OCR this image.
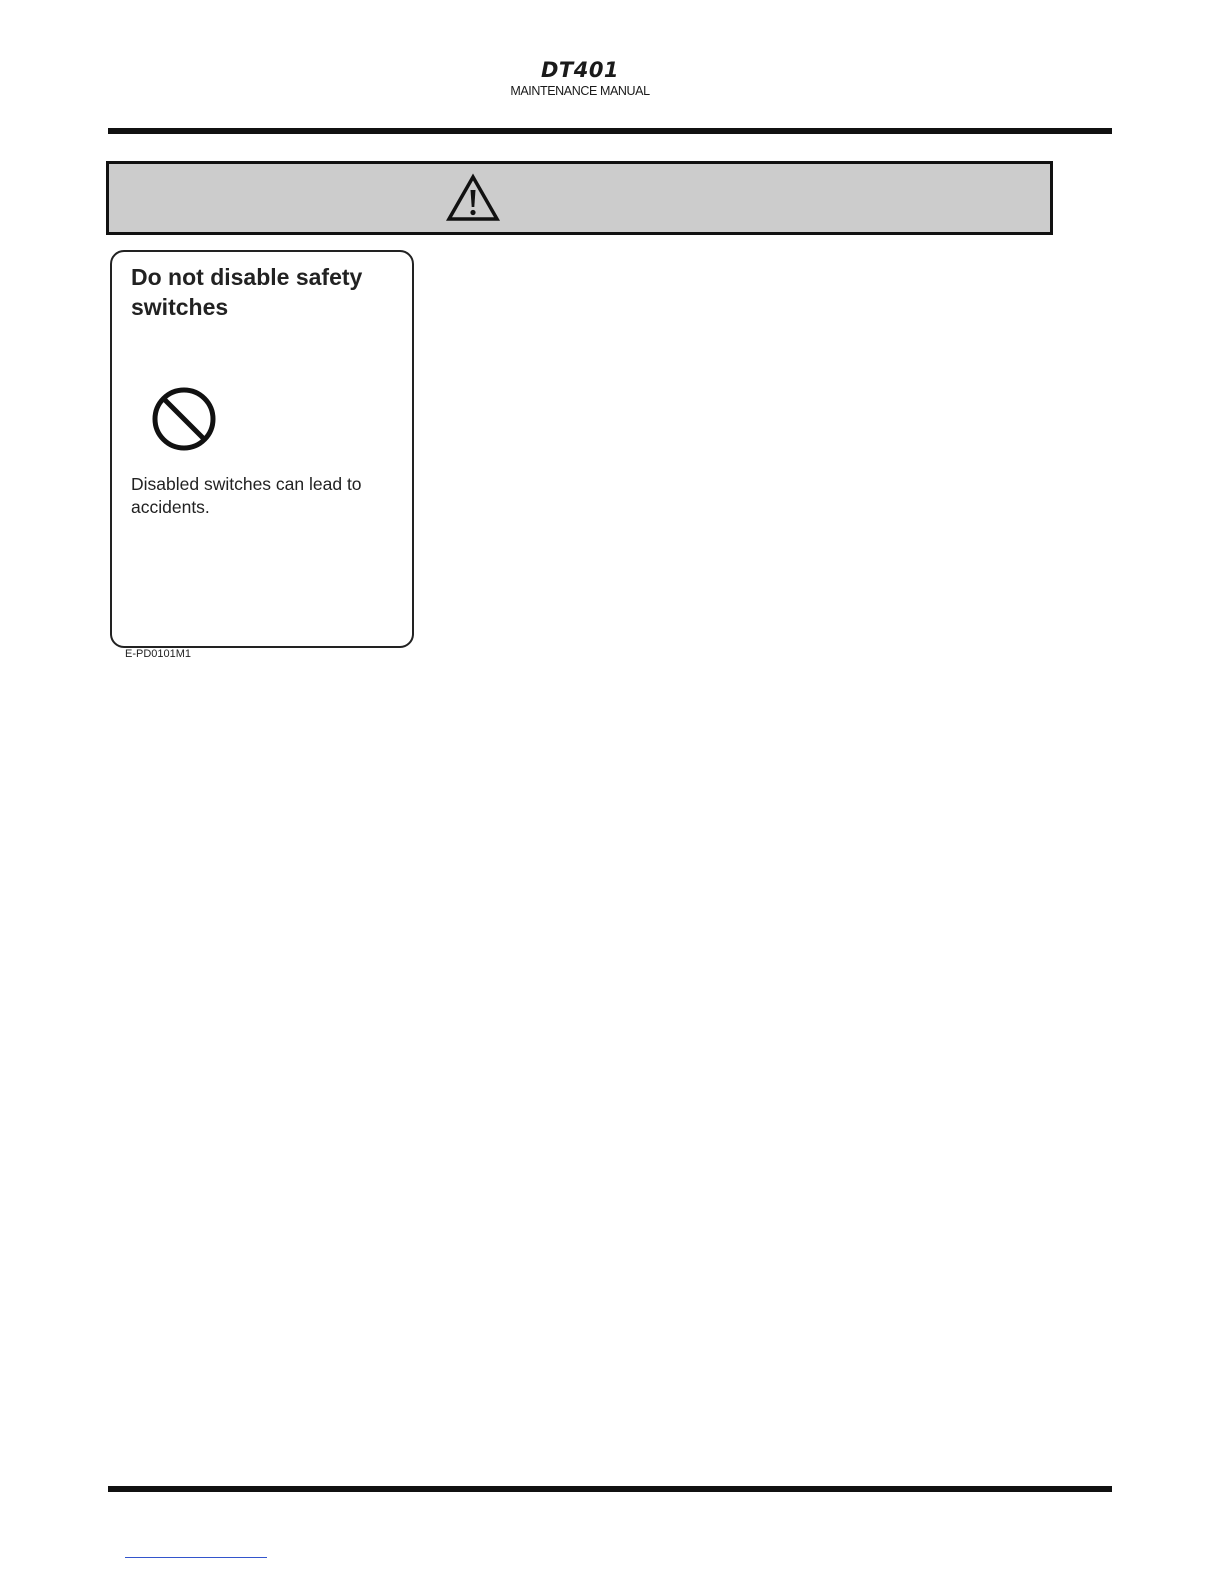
DT401
MAINTENANCE MANUAL
Do not disable safety switches
Disabled switches can lead to accidents.
E-PD0101M1
